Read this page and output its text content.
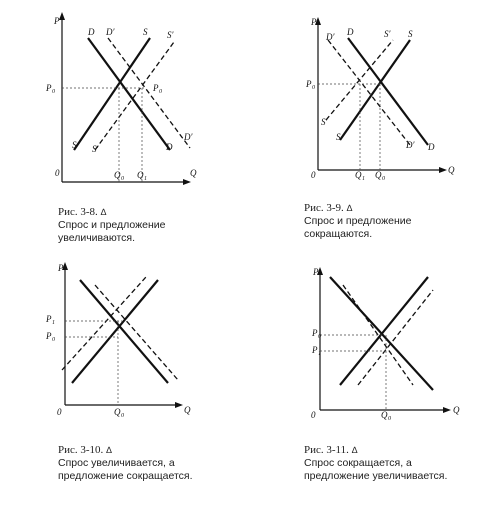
P
Q
0
P 0
Q 0 Q 1
D D′	S S′
P 0
S S′	D
D′
Рис. 3-8. ∆
Спрос и предложение
увеличиваются.
P
Q
0
P 0
Q 1 Q 0
D′ D	S′ S
S′
S
D′ D
Рис. 3-9. ∆
Спрос и предложение
сокращаются.
P
Q
0
P 1
P 0
Q 0
Рис. 3-10. ∆
Спрос увеличивается, а
предложение сокращается.
P
Q
0
P 0
P 1
Q 0
Рис. 3-11. ∆
Спрос сокращается, а
предложение увеличивается.
